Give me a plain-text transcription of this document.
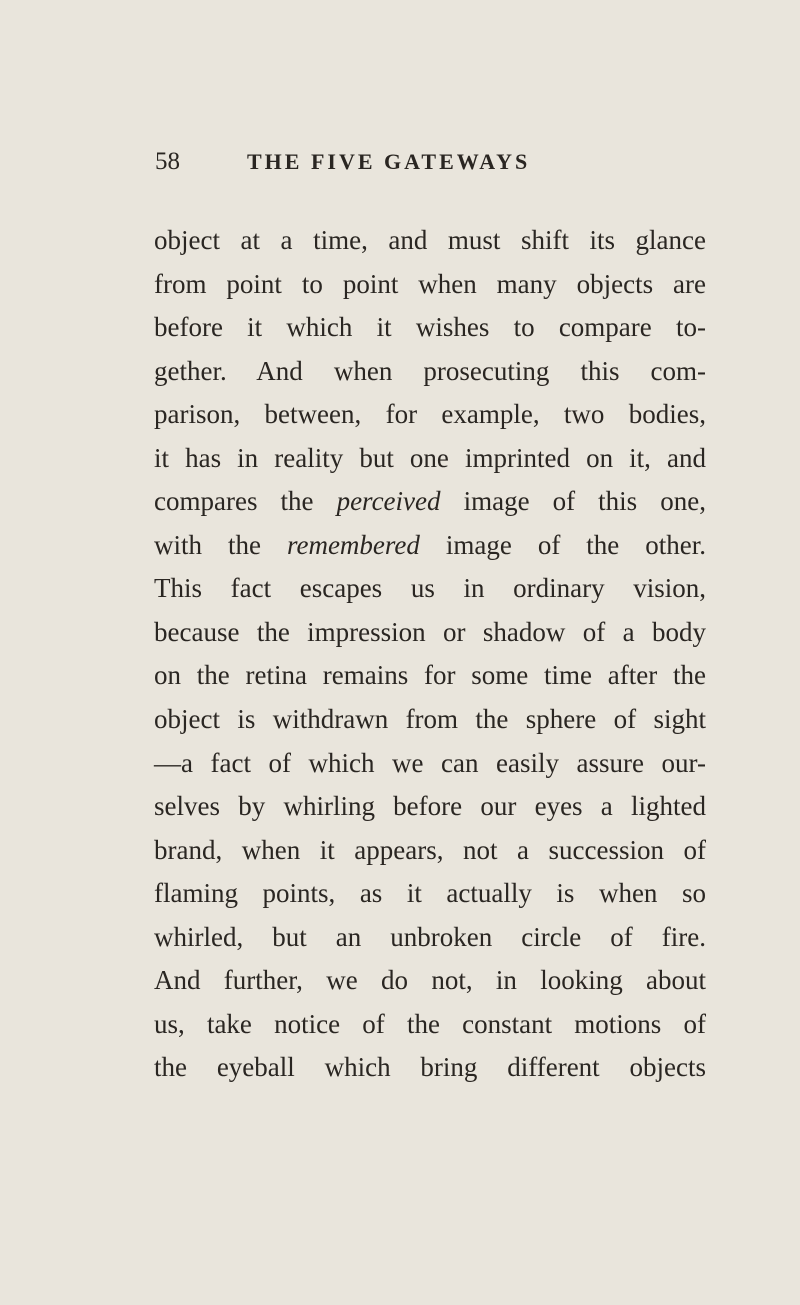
58	THE FIVE GATEWAYS
object at a time, and must shift its glance
from point to point when many objects are
before it which it wishes to compare to-
gether. And when prosecuting this com-
parison, between, for example, two bodies,
it has in reality but one imprinted on it, and
compares the perceived image of this one,
with the remembered image of the other.
This fact escapes us in ordinary vision,
because the impression or shadow of a body
on the retina remains for some time after the
object is withdrawn from the sphere of sight
—a fact of which we can easily assure our-
selves by whirling before our eyes a lighted
brand, when it appears, not a succession of
flaming points, as it actually is when so
whirled, but an unbroken circle of fire.
And further, we do not, in looking about
us, take notice of the constant motions of
the eyeball which bring different objects
